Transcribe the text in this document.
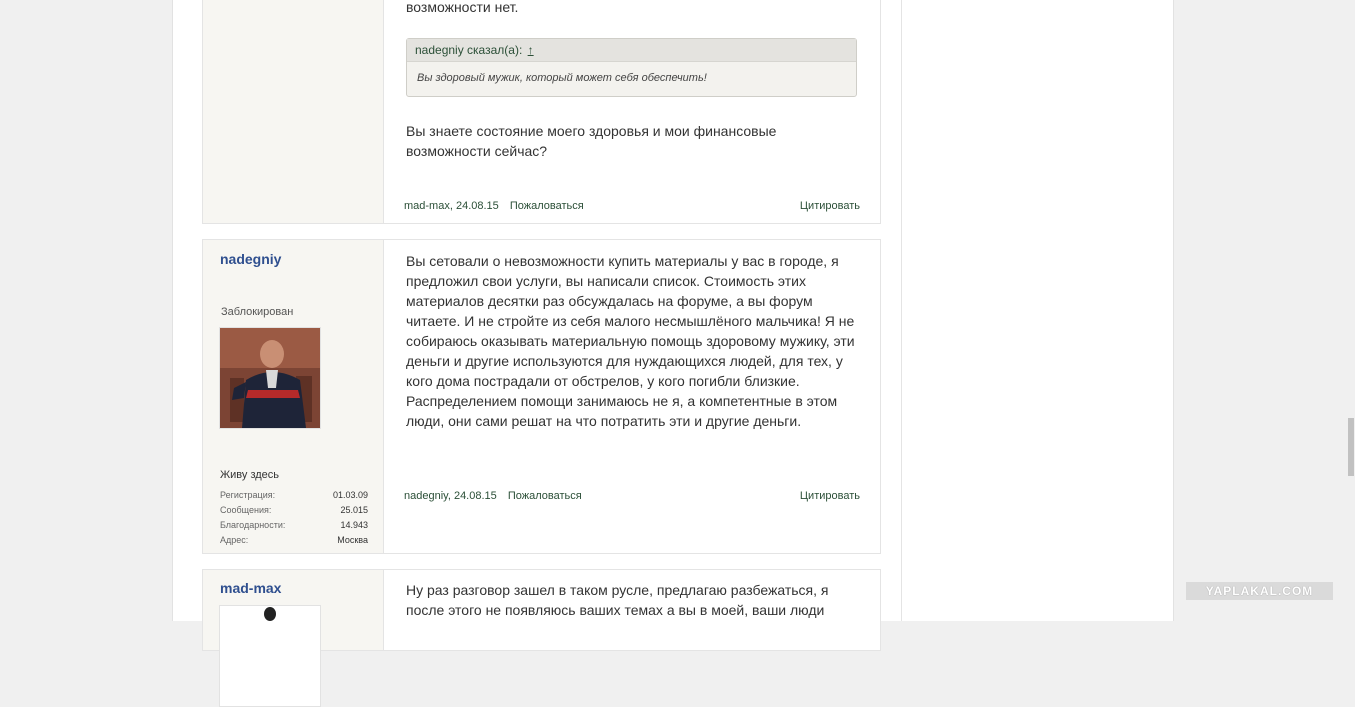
возможности нет.
nadegniy сказал(а): ↑
Вы здоровый мужик, который может себя обеспечить!
Вы знаете состояние моего здоровья и мои финансовые возможности сейчас?
mad-max, 24.08.15 Пожаловаться	Цитировать
nadegniy
Заблокирован
Живу здесь
Регистрация:	01.03.09
Сообщения:	25.015
Благодарности:	14.943
Адрес:	Москва
Вы сетовали о невозможности купить материалы у вас в городе, я предложил свои услуги, вы написали список. Стоимость этих материалов десятки раз обсуждалась на форуме, а вы форум читаете. И не стройте из себя малого несмышлёного мальчика! Я не собираюсь оказывать материальную помощь здоровому мужику, эти деньги и другие используются для нуждающихся людей, для тех, у кого дома пострадали от обстрелов, у кого погибли близкие. Распределением помощи занимаюсь не я, а компетентные в этом люди, они сами решат на что потратить эти и другие деньги.
nadegniy, 24.08.15 Пожаловаться	Цитировать
mad-max	Ну раз разговор зашел в таком русле, предлагаю разбежаться, я после этого не появляюсь ваших темах а вы в моей, ваши люди
YAPLAKAL.COM
